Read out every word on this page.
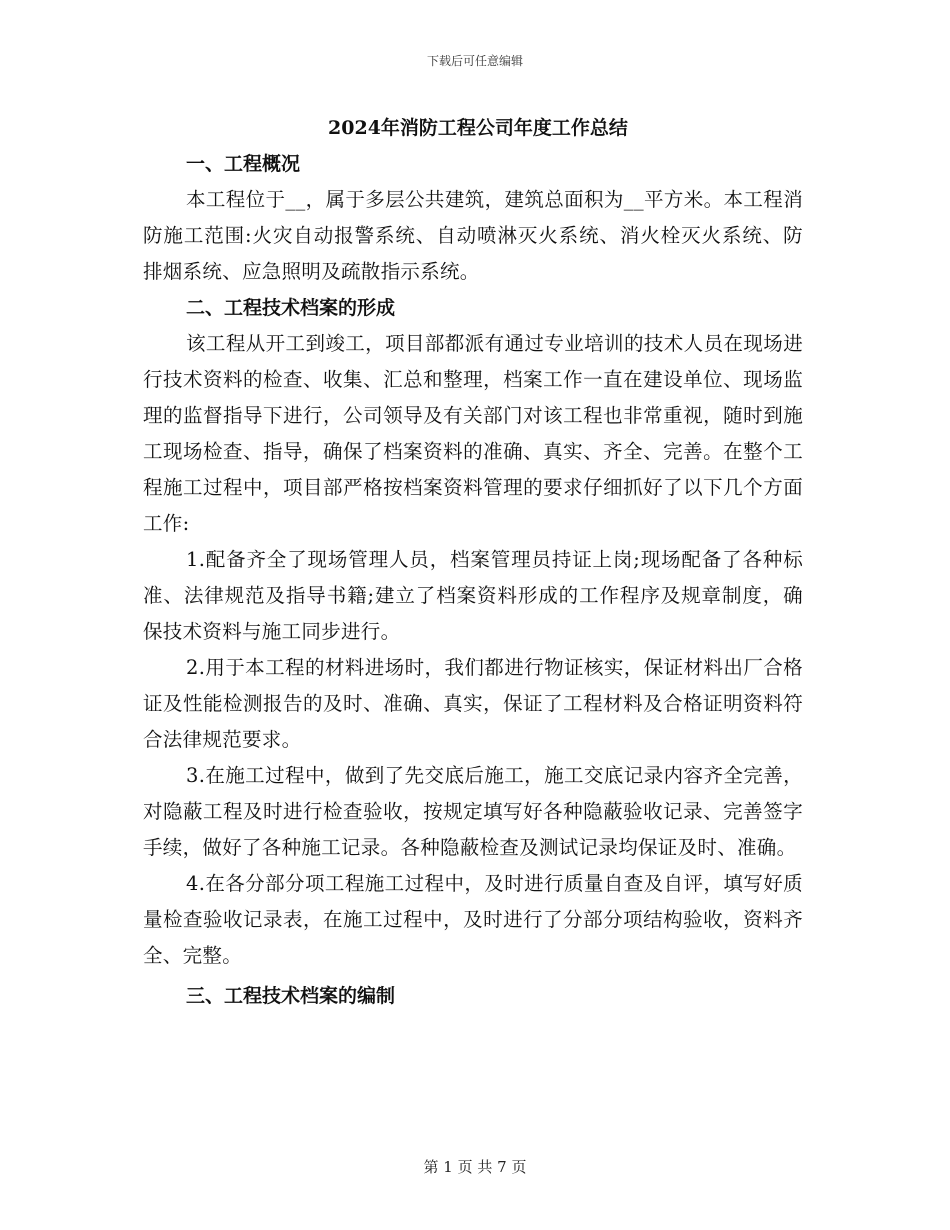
下载后可任意编辑
2024年消防工程公司年度工作总结
一、工程概况

本工程位于__，属于多层公共建筑，建筑总面积为__平方米。本工程消防施工范围:火灾自动报警系统、自动喷淋灭火系统、消火栓灭火系统、防排烟系统、应急照明及疏散指示系统。

二、工程技术档案的形成

该工程从开工到竣工，项目部都派有通过专业培训的技术人员在现场进行技术资料的检查、收集、汇总和整理，档案工作一直在建设单位、现场监理的监督指导下进行，公司领导及有关部门对该工程也非常重视，随时到施工现场检查、指导，确保了档案资料的准确、真实、齐全、完善。在整个工程施工过程中，项目部严格按档案资料管理的要求仔细抓好了以下几个方面工作:

1.配备齐全了现场管理人员，档案管理员持证上岗;现场配备了各种标准、法律规范及指导书籍;建立了档案资料形成的工作程序及规章制度，确保技术资料与施工同步进行。

2.用于本工程的材料进场时，我们都进行物证核实，保证材料出厂合格证及性能检测报告的及时、准确、真实，保证了工程材料及合格证明资料符合法律规范要求。

3.在施工过程中，做到了先交底后施工，施工交底记录内容齐全完善，对隐蔽工程及时进行检查验收，按规定填写好各种隐蔽验收记录、完善签字手续，做好了各种施工记录。各种隐蔽检查及测试记录均保证及时、准确。

4.在各分部分项工程施工过程中，及时进行质量自查及自评，填写好质量检查验收记录表，在施工过程中，及时进行了分部分项结构验收，资料齐全、完整。

三、工程技术档案的编制
第 1 页 共 7 页
